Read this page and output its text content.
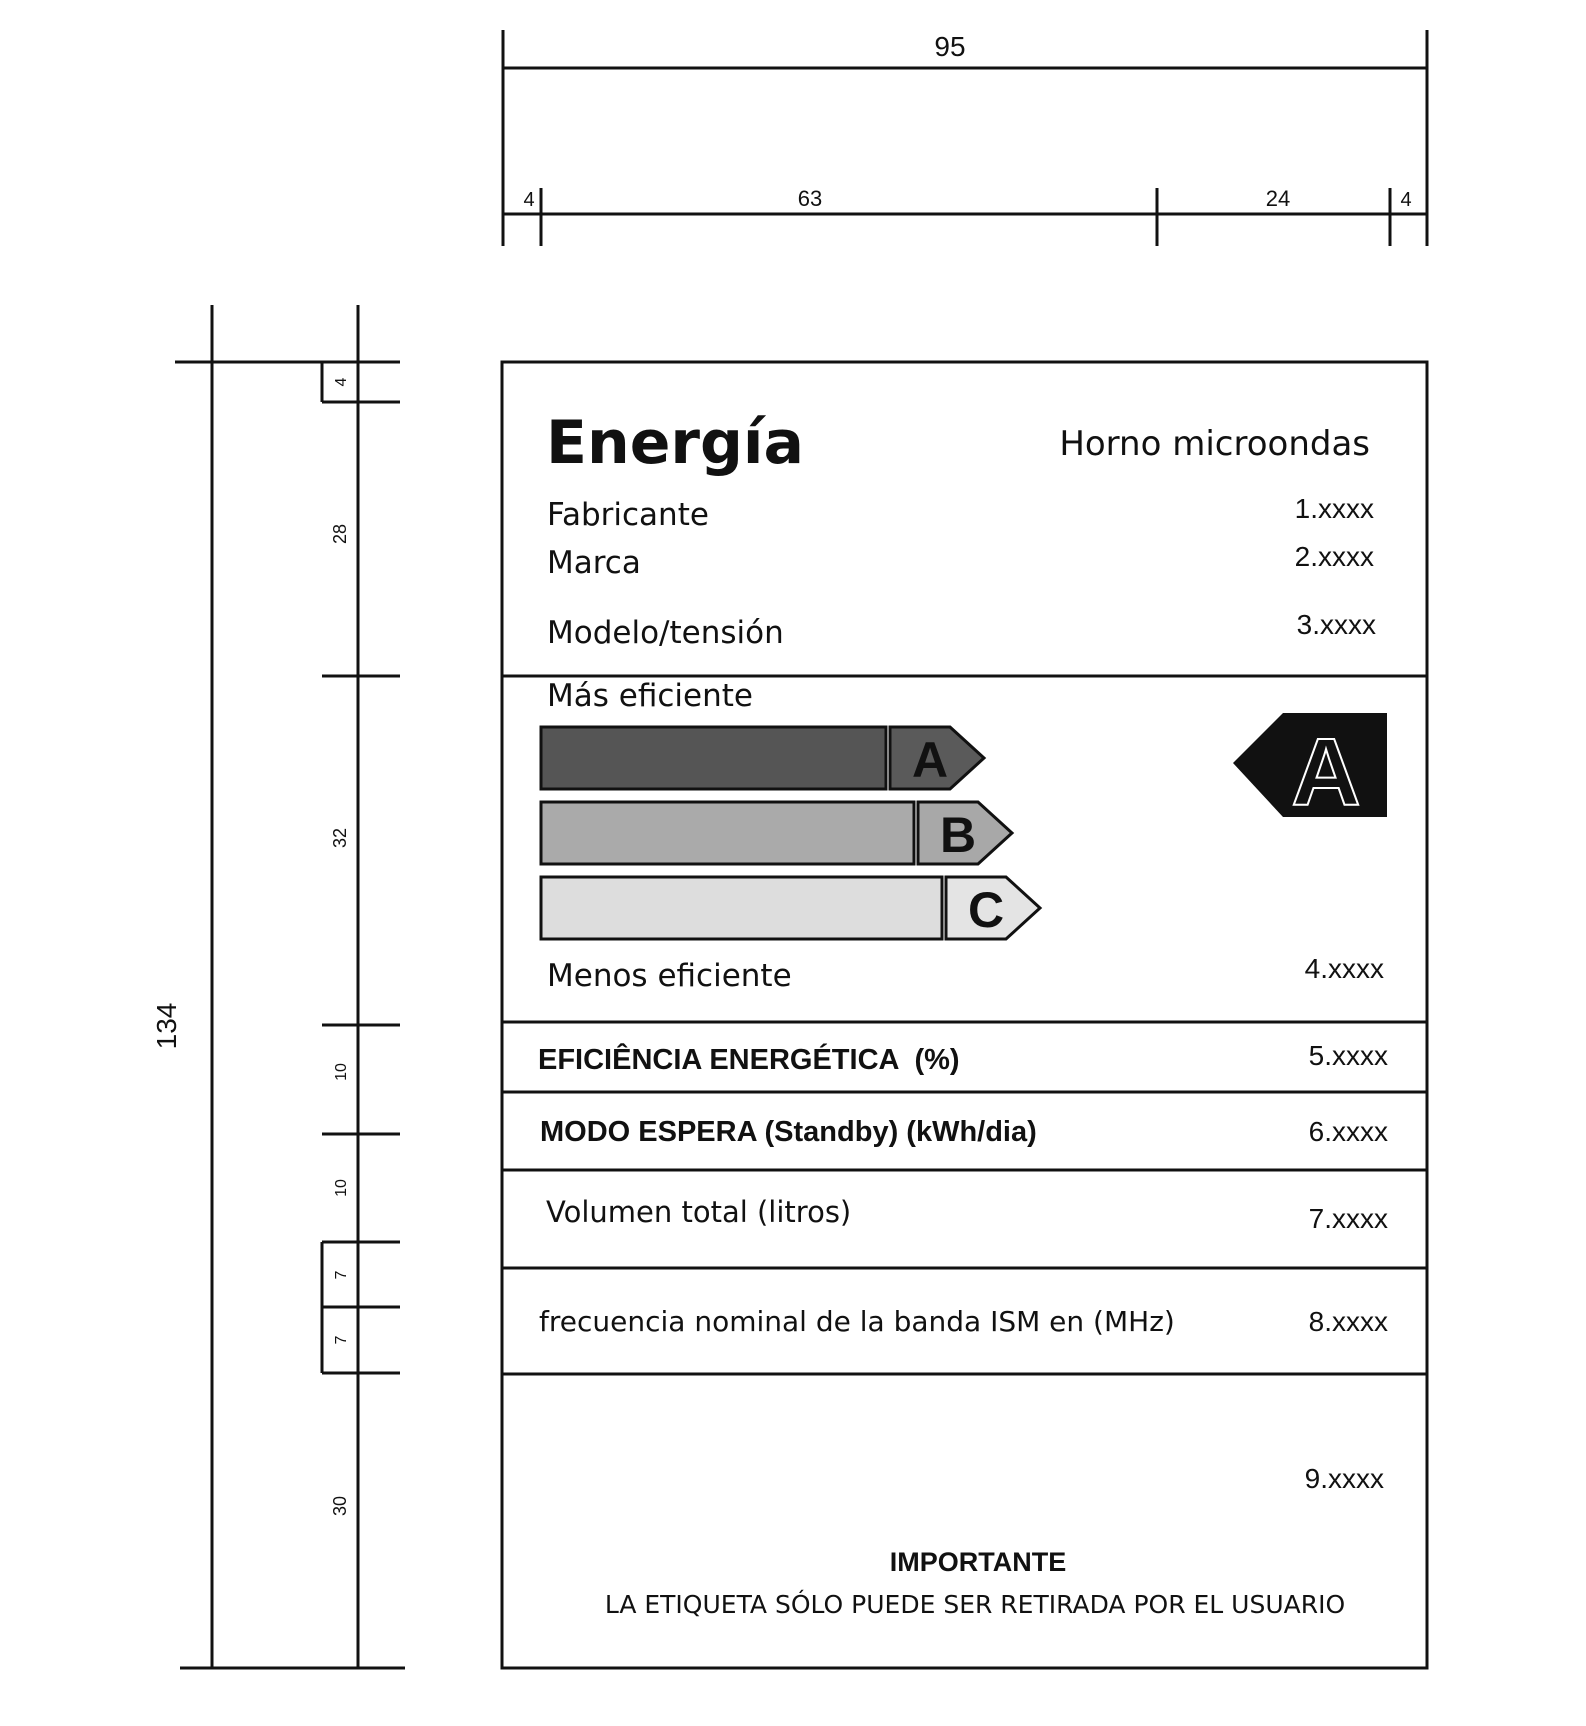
95
4	63	24	4
134
4
28
32
10
10
7
7
30
Energía	Horno microondas
Fabricante	1.xxxx
Marca	2.xxxx
Modelo/tensión	3.xxxx
Más eficiente
A
B
C
A
Menos eficiente	4.xxxx
EFICIÊNCIA ENERGÉTICA  (%)	5.xxxx
MODO ESPERA (Standby) (kWh/dia)	6.xxxx
Volumen total (litros)	7.xxxx
frecuencia nominal de la banda ISM en (MHz)	8.xxxx
9.xxxx
IMPORTANTE
LA ETIQUETA SÓLO PUEDE SER RETIRADA POR EL USUARIO
